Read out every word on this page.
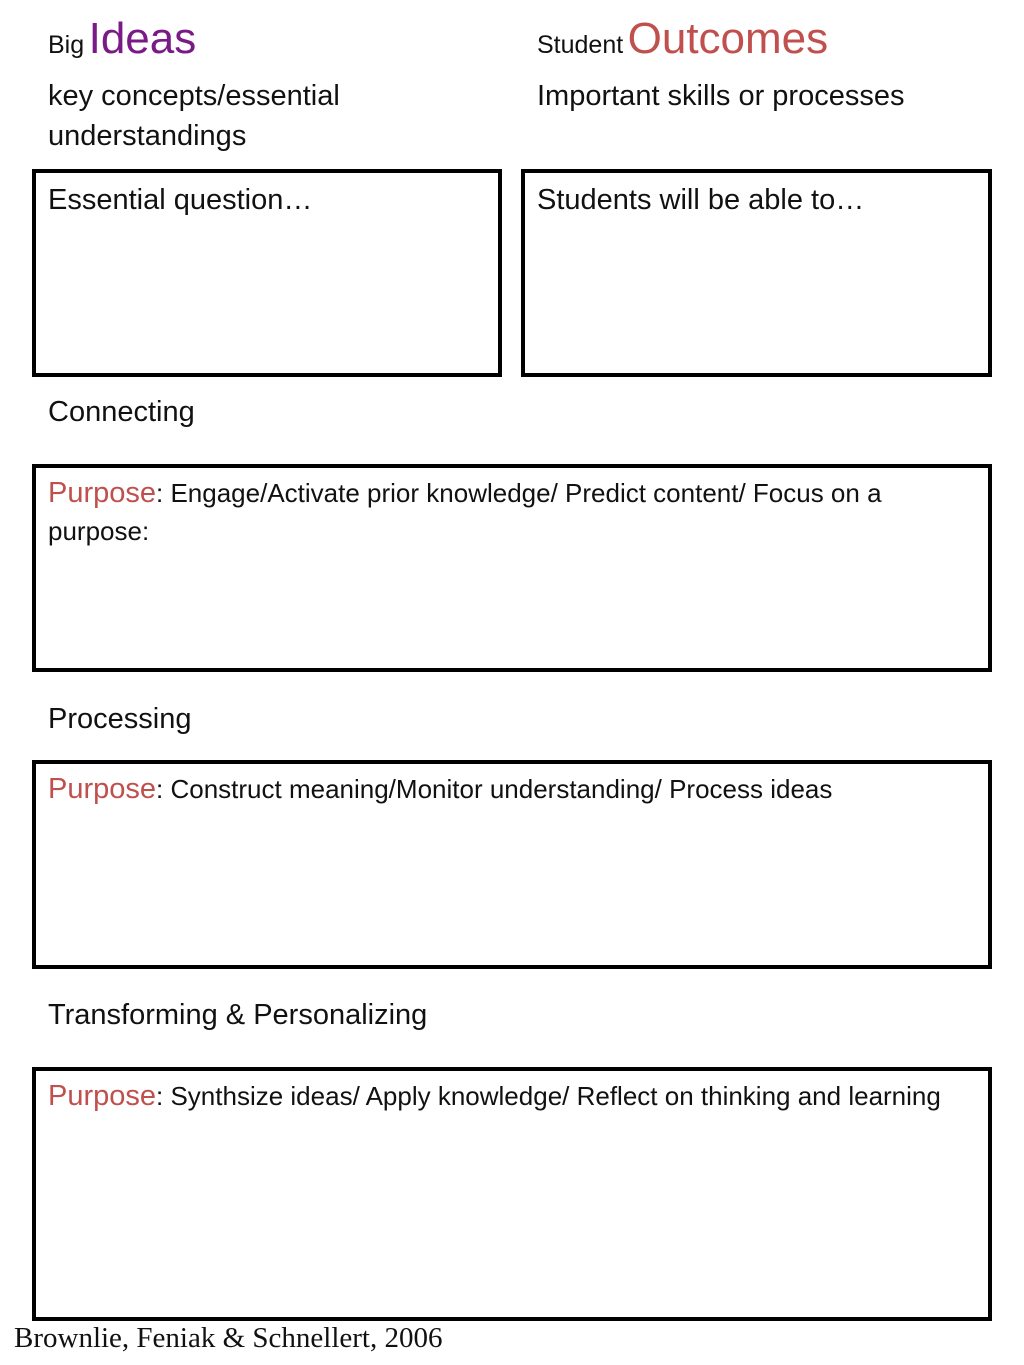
Big Ideas
key concepts/essential understandings
Student Outcomes
Important skills or processes
Essential question…	Students will be able to…
Connecting
Purpose: Engage/Activate prior knowledge/ Predict content/ Focus on a purpose:
Processing
Purpose: Construct meaning/Monitor understanding/ Process ideas
Transforming & Personalizing
Purpose: Synthsize ideas/ Apply knowledge/ Reflect on thinking and learning
Brownlie, Feniak & Schnellert, 2006
